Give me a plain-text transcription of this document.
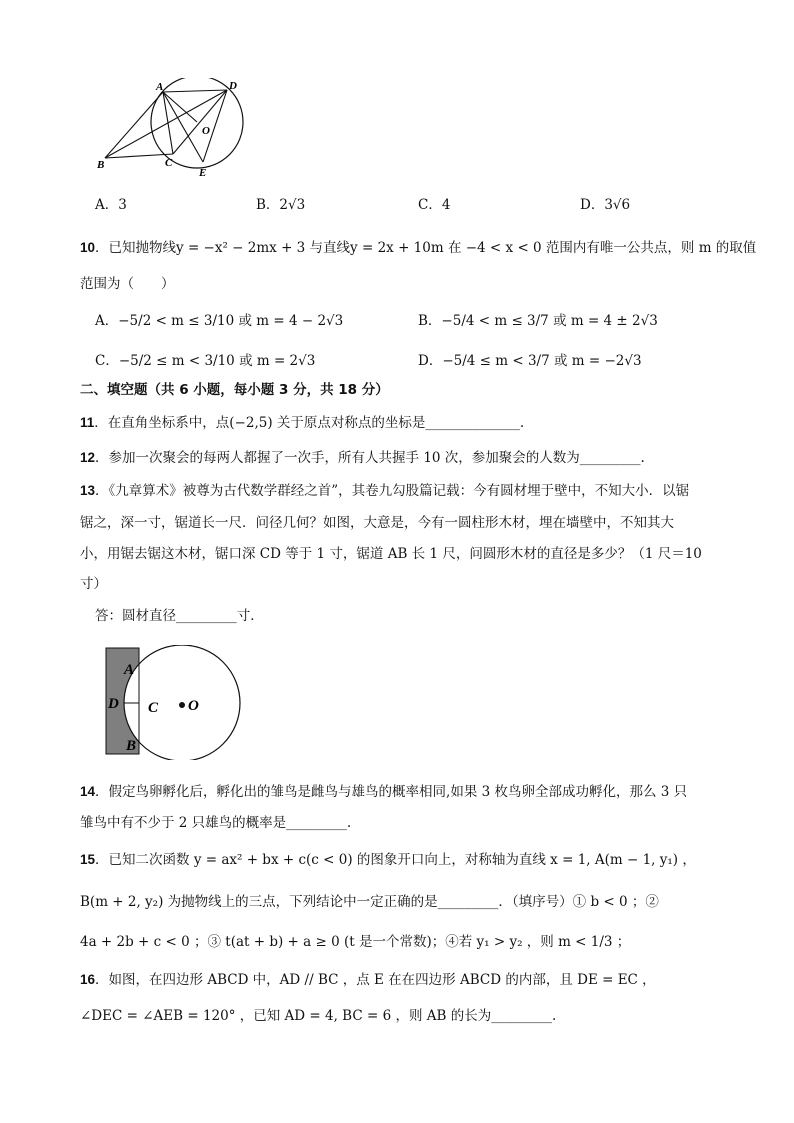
A	D
B	C
E
O
A．3	B．2√3	C．4	D．3√6
10．已知抛物线y = −x² − 2mx + 3 与直线y = 2x + 10m 在 −4 < x < 0 范围内有唯一公共点，则 m 的取值
范围为（　　）
A．−5/2 < m ≤ 3/10 或 m = 4 − 2√3	B．−5/4 < m ≤ 3/7 或 m = 4 ± 2√3
C．−5/2 ≤ m < 3/10 或 m = 2√3	D．−5/4 ≤ m < 3/7 或 m = −2√3
二、填空题（共 6 小题，每小题 3 分，共 18 分）
11．在直角坐标系中，点(−2,5) 关于原点对称点的坐标是______________.
12．参加一次聚会的每两人都握了一次手，所有人共握手 10 次，参加聚会的人数为_________.
13．《九章算术》被尊为古代数学群经之首”，其卷九勾股篇记载：今有圆材埋于壁中，不知大小．以锯
锯之，深一寸，锯道长一尺．问径几何？如图，大意是，今有一圆柱形木材，埋在墙壁中，不知其大
小，用锯去锯这木材，锯口深 CD 等于 1 寸，锯道 AB 长 1 尺，问圆形木材的直径是多少？（1 尺＝10
寸）
答：圆材直径_________寸．
A
D
B
C O
14．假定鸟卵孵化后，孵化出的雏鸟是雌鸟与雄鸟的概率相同,如果 3 枚鸟卵全部成功孵化，那么 3 只
雏鸟中有不少于 2 只雄鸟的概率是_________.
15．已知二次函数 y = ax² + bx + c(c < 0) 的图象开口向上，对称轴为直线 x = 1, A(m − 1, y₁) ，
B(m + 2, y₂) 为抛物线上的三点，下列结论中一定正确的是_________．（填序号）① b < 0 ；②
4a + 2b + c < 0 ；③ t(at + b) + a ≥ 0 (t 是一个常数)；④若 y₁ > y₂ ，则 m < 1/3 ；
16．如图，在四边形 ABCD 中，AD // BC ，点 E 在在四边形 ABCD 的内部，且 DE = EC ，
∠DEC = ∠AEB = 120° ，已知 AD = 4, BC = 6 ，则 AB 的长为_________.
